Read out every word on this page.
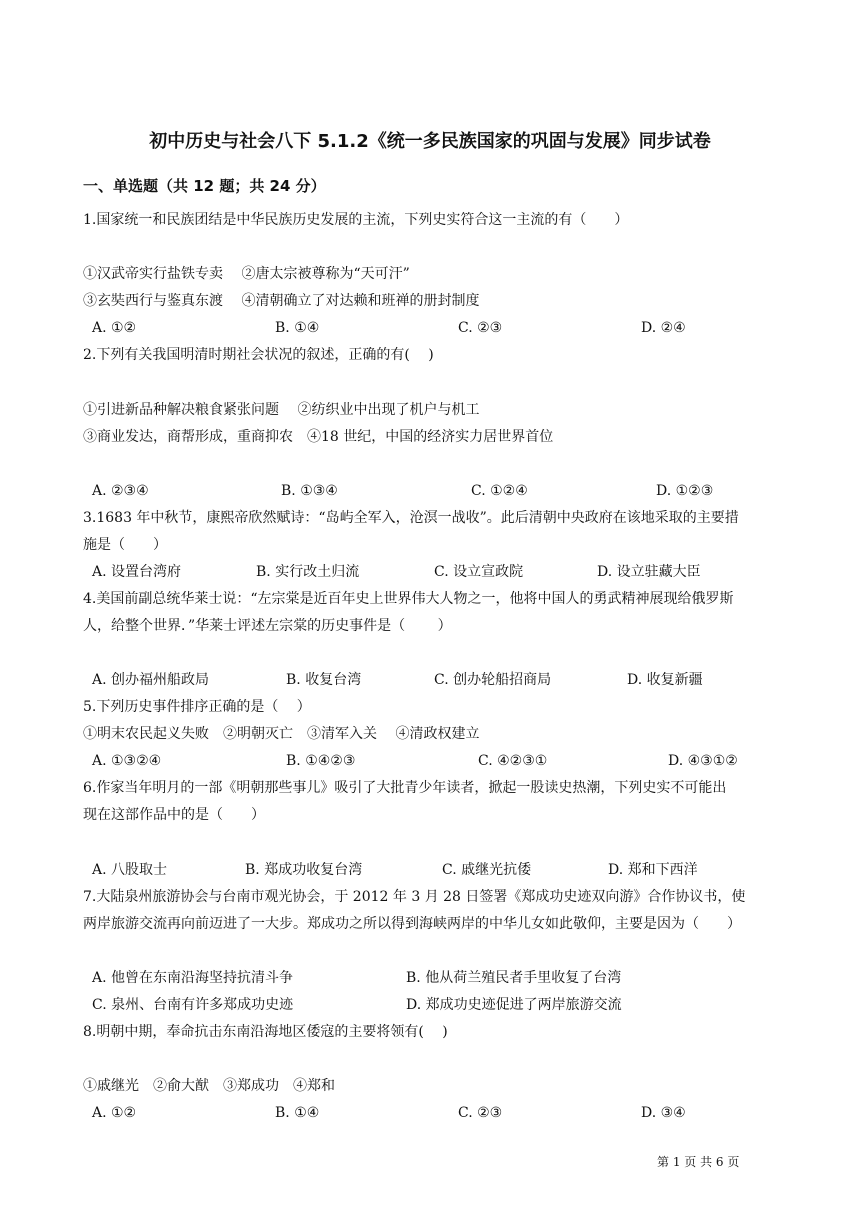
初中历史与社会八下 5.1.2《统一多民族国家的巩固与发展》同步试卷
一、单选题（共 12 题；共 24 分）
1.国家统一和民族团结是中华民族历史发展的主流，下列史实符合这一主流的有（　　）
①汉武帝实行盐铁专卖　 ②唐太宗被尊称为“天可汗”
③玄奘西行与鉴真东渡　 ④清朝确立了对达赖和班禅的册封制度
A. ①②	B. ①④	C. ②③	D. ②④
2.下列有关我国明清时期社会状况的叙述，正确的有(　 )
①引进新品种解决粮食紧张问题　 ②纺织业中出现了机户与机工
③商业发达，商帮形成，重商抑农　④18 世纪，中国的经济实力居世界首位
A. ②③④	B. ①③④	C. ①②④	D. ①②③
3.1683 年中秋节，康熙帝欣然赋诗：“岛屿全军入，沧溟一战收”。此后清朝中央政府在该地采取的主要措
施是（　　）
A. 设置台湾府	B. 实行改土归流	C. 设立宣政院	D. 设立驻藏大臣
4.美国前副总统华莱士说：“左宗棠是近百年史上世界伟大人物之一，他将中国人的勇武精神展现给俄罗斯
人，给整个世界．”华莱士评述左宗棠的历史事件是（　　 ）
A. 创办福州船政局	B. 收复台湾	C. 创办轮船招商局	D. 收复新疆
5.下列历史事件排序正确的是（　 ）
①明末农民起义失败　②明朝灭亡　③清军入关　 ④清政权建立
A. ①③②④	B. ①④②③	C. ④②③①	D. ④③①②
6.作家当年明月的一部《明朝那些事儿》吸引了大批青少年读者，掀起一股读史热潮，下列史实不可能出
现在这部作品中的是（　　）
A. 八股取士	B. 郑成功收复台湾	C. 戚继光抗倭	D. 郑和下西洋
7.大陆泉州旅游协会与台南市观光协会，于 2012 年 3 月 28 日签署《郑成功史迹双向游》合作协议书，使
两岸旅游交流再向前迈进了一大步。郑成功之所以得到海峡两岸的中华儿女如此敬仰，主要是因为（　　）
A. 他曾在东南沿海坚持抗清斗争	B. 他从荷兰殖民者手里收复了台湾
C. 泉州、台南有许多郑成功史迹	D. 郑成功史迹促进了两岸旅游交流
8.明朝中期，奉命抗击东南沿海地区倭寇的主要将领有(　 )
①戚继光　②俞大猷　③郑成功　④郑和
A. ①②	B. ①④	C. ②③	D. ③④
第 1 页 共 6 页
